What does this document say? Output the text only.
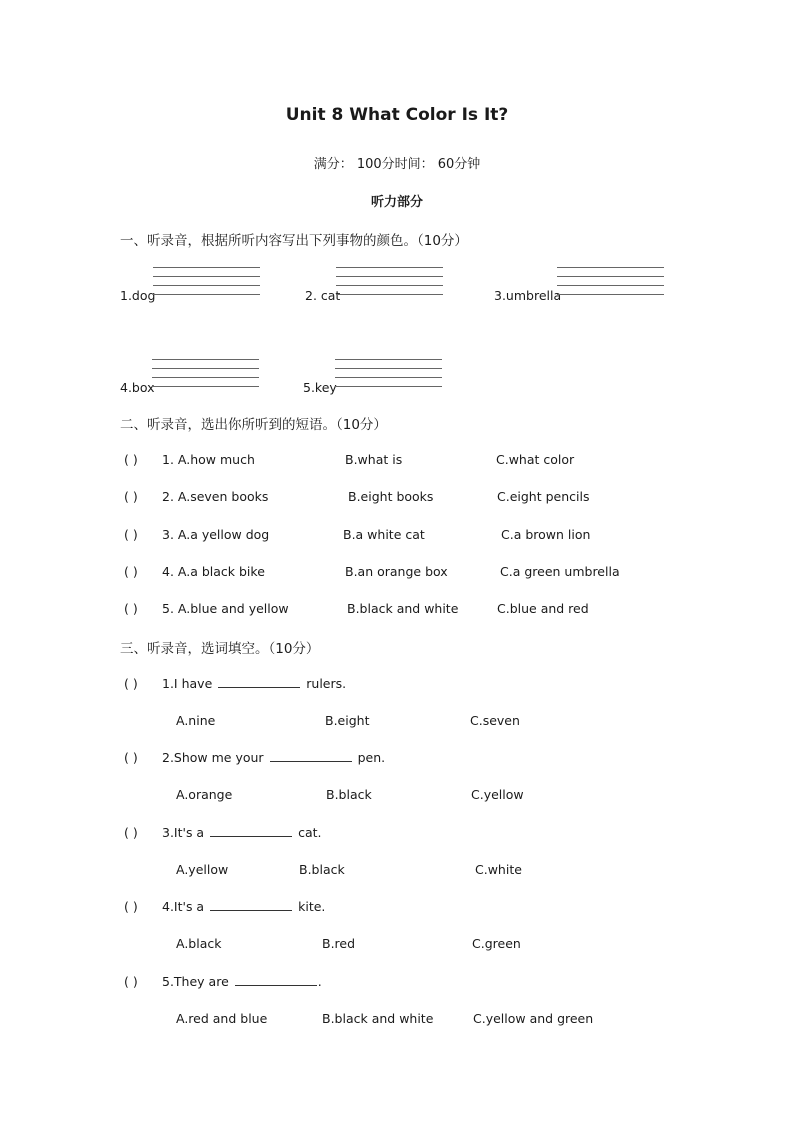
Unit 8 What Color Is It?
满分： 100分时间： 60分钟
听力部分
一、听录音，根据所听内容写出下列事物的颜色。（10分）
1.dog	2. cat	3.umbrella
4.box	5.key
二、听录音，选出你所听到的短语。（10分）
( ) 1. A.how much	B.what is	C.what color
( ) 2. A.seven books	B.eight books	C.eight pencils
( ) 3. A.a yellow dog	B.a white cat	C.a brown lion
( ) 4. A.a black bike	B.an orange box	C.a green umbrella
( ) 5. A.blue and yellow	B.black and white	C.blue and red
三、听录音，选词填空。（10分）
( ) 1.I have	rulers.
A.nine	B.eight	C.seven
( ) 2.Show me your	pen.
A.orange	B.black	C.yellow
( ) 3.It's a	cat.
A.yellow	B.black	C.white
( ) 4.It's a	kite.
A.black	B.red	C.green
( ) 5.They are	.
A.red and blue	B.black and white	C.yellow and green
